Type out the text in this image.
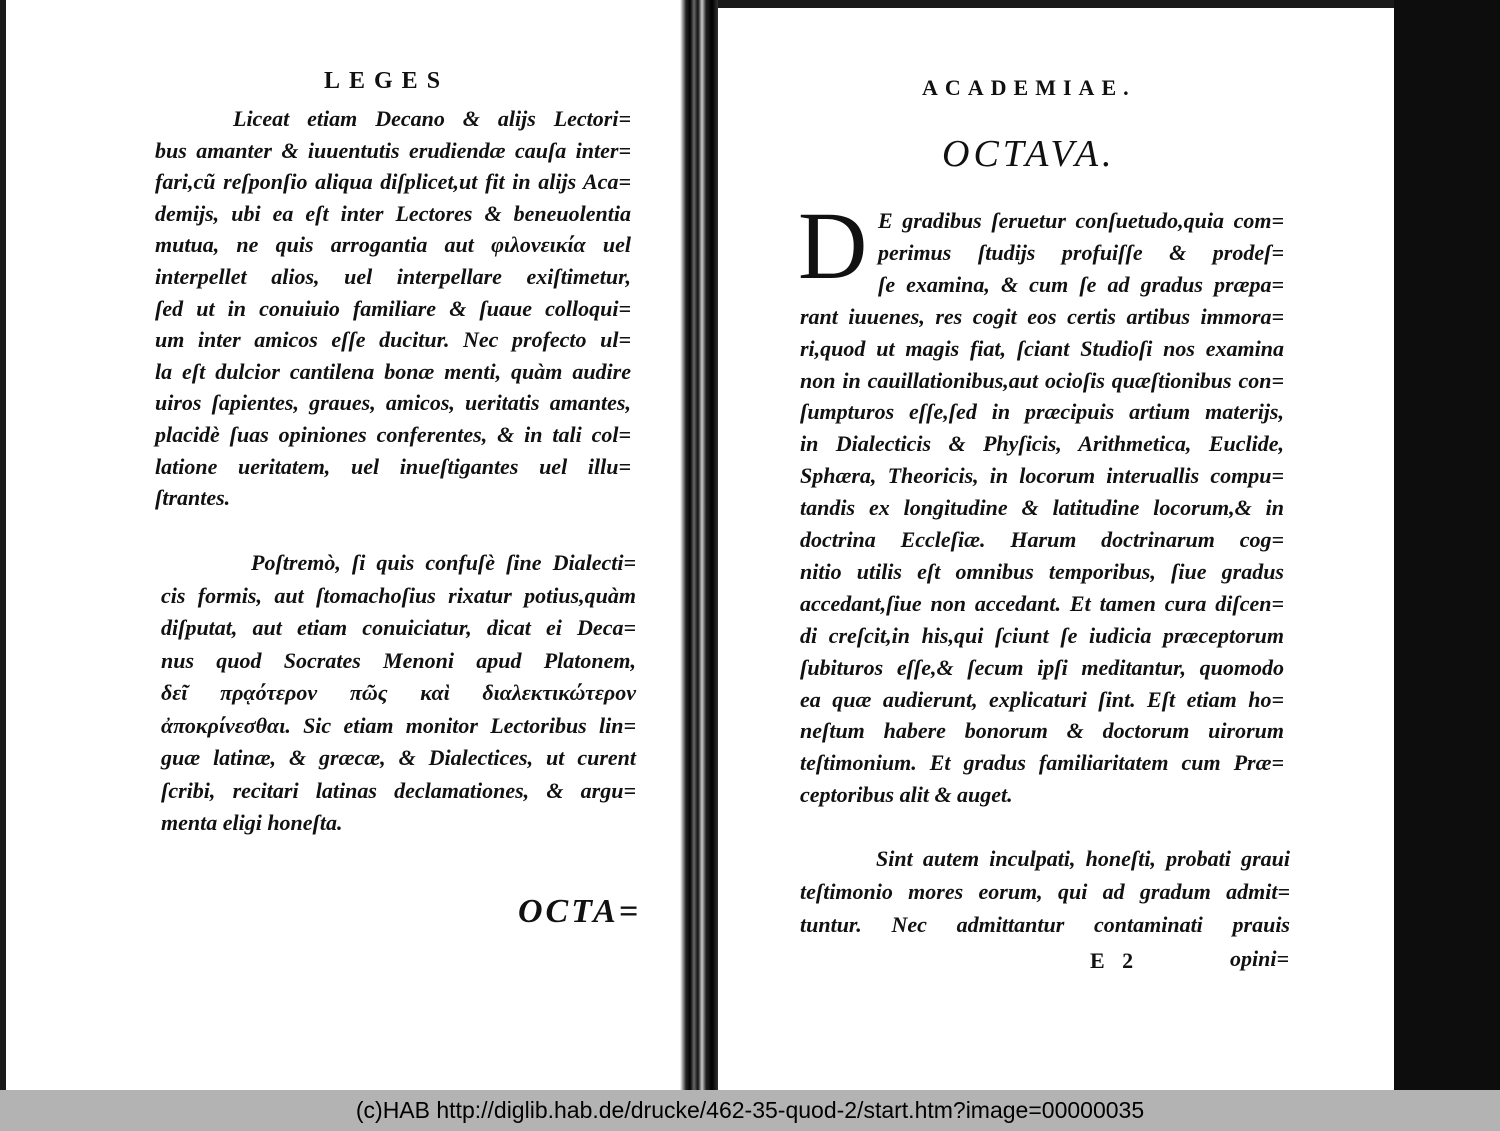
LEGES
Liceat etiam Decano & alijs Lectori=
bus amanter & iuuentutis erudiendæ cauſa inter=
fari,cũ reſponſio aliqua diſplicet,ut fit in alijs Aca=
demijs, ubi ea eſt inter Lectores & beneuolentia
mutua, ne quis arrogantia aut φιλονεικία uel
interpellet alios, uel interpellare exiſtimetur,
ſed ut in conuiuio familiare & ſuaue colloqui=
um inter amicos eſſe ducitur. Nec profecto ul=
la eſt dulcior cantilena bonæ menti, quàm audire
uiros ſapientes, graues, amicos, ueritatis amantes,
placidè ſuas opiniones conferentes, & in tali col=
latione ueritatem, uel inueſtigantes uel illu=
ſtrantes.
Poſtremò, ſi quis confuſè ſine Dialecti=
cis formis, aut ſtomachoſius rixatur potius,quàm
diſputat, aut etiam conuiciatur, dicat ei Deca=
nus quod Socrates Menoni apud Platonem,
δεῖ πρᾳότερον πῶς καὶ διαλεκτικώτερον
ἀποκρίνεσθαι. Sic etiam monitor Lectoribus lin=
guæ latinæ, & græcæ, & Dialectices, ut curent
ſcribi, recitari latinas declamationes, & argu=
menta eligi honeſta.
OCTA=
ACADEMIAE.
OCTAVA.
D E gradibus ſeruetur conſuetudo,quia com=
perimus ſtudijs profuiſſe & prodeſ=
ſe examina, & cum ſe ad gradus præpa=
rant iuuenes, res cogit eos certis artibus immora=
ri,quod ut magis fiat, ſciant Studioſi nos examina
non in cauillationibus,aut ocioſis quæſtionibus con=
ſumpturos eſſe,ſed in præcipuis artium materijs,
in Dialecticis & Phyſicis, Arithmetica, Euclide,
Sphæra, Theoricis, in locorum interuallis compu=
tandis ex longitudine & latitudine locorum,& in
doctrina Eccleſiæ. Harum doctrinarum cog=
nitio utilis eſt omnibus temporibus, ſiue gradus
accedant,ſiue non accedant. Et tamen cura diſcen=
di creſcit,in his,qui ſciunt ſe iudicia præceptorum
ſubituros eſſe,& ſecum ipſi meditantur, quomodo
ea quæ audierunt, explicaturi ſint. Eſt etiam ho=
neſtum habere bonorum & doctorum uirorum
teſtimonium. Et gradus familiaritatem cum Præ=
ceptoribus alit & auget.
Sint autem inculpati, honeſti, probati graui
teſtimonio mores eorum, qui ad gradum admit=
tuntur. Nec admittantur contaminati prauis
E 2	opini=
(c)HAB http://diglib.hab.de/drucke/462-35-quod-2/start.htm?image=00000035
